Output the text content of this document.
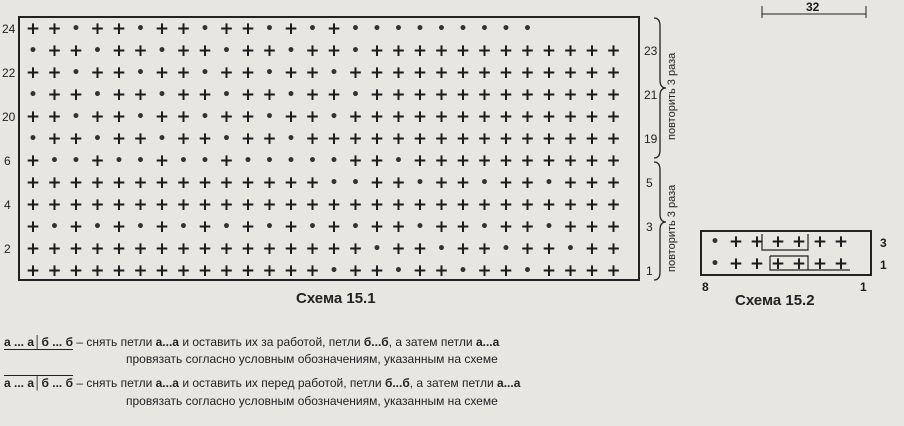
+ + • + + • + + • + + • + • + • • • • • • • • •
• + + • + + • + + • + + • + + • + + + + + + + + + + + +
+ + • + + • + + • + + • + + • + + + + + + + + + + + + +
• + + • + + • + + • + + • + + • + + + + + + + + + + + +
+ + • + + • + + • + + • + + • + + + + + + + + + + + + +
• + + • + + • + + • + + • + + + + + + + + + + + + + + +
+ • • + • • + • • + • • • • • + + • + + + + + + + + + +
+ + + + + + + + + + + + + + • • + + • + + • + + • + + +
+ + + + + + + + + + + + + + + + + + + + + + + + + + + +
+ • + • + • + • + • + • + • + • + + • + + • + + • + + +
+ + + + + + + + + + + + + + + + • + + • + + • + + • + +
+ + + + + + + + + + + + + + • + + • + + • + + • + + + +
24
22
20
6
4
2
23
21
19
5
3
1
повторить 3 раза
повторить 3 раза
Схема 15.1
32
• + + + + + +
• + + + + + +
3
1
8	1
Схема 15.2
а ... а│б ... б – снять петли а...а и оставить их за работой, петли б...б, а затем петли а...а
провязать согласно условным обозначениям, указанным на схеме
а ... а│б ... б – снять петли а...а и оставить их перед работой, петли б...б, а затем петли а...а
провязать согласно условным обозначениям, указанным на схеме
